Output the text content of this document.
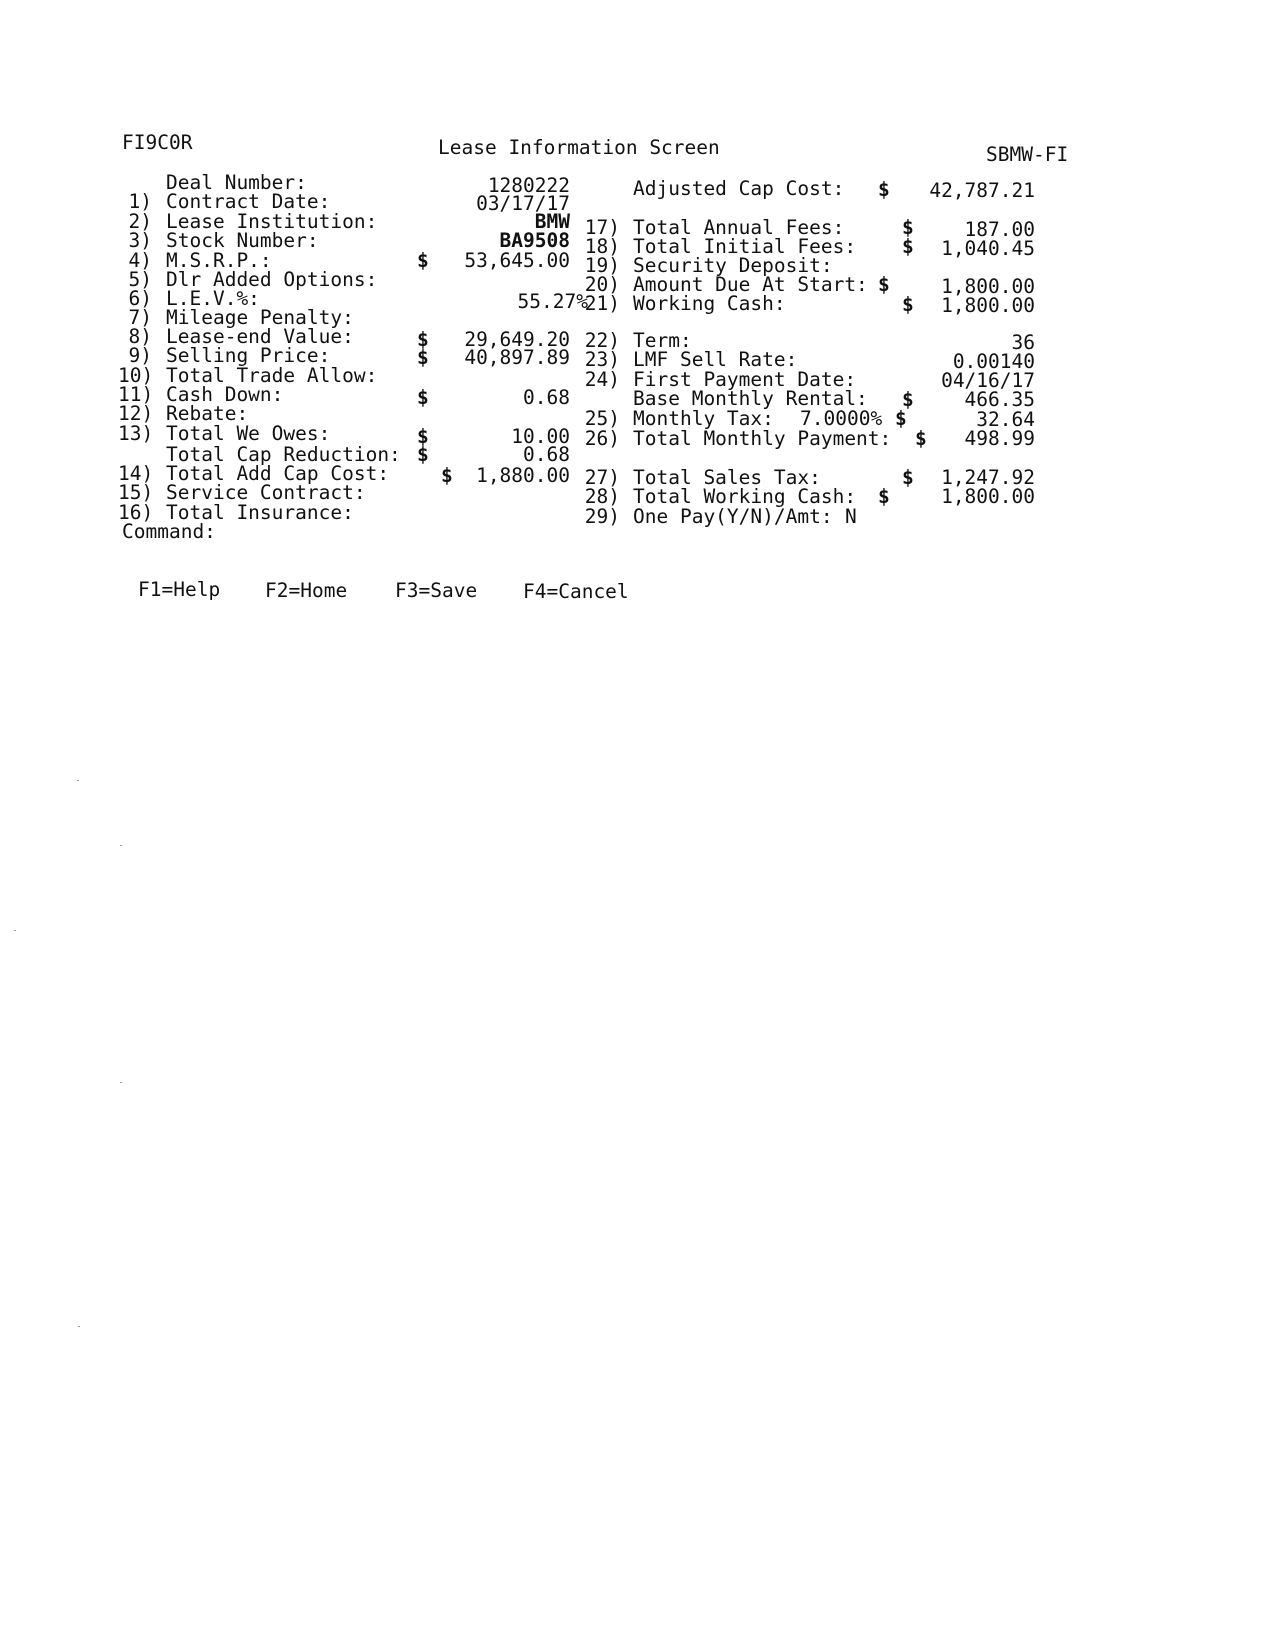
FI9C0R	Lease Information Screen	SBMW-FI
Deal Number:	1280222
1) Contract Date:	03/17/17
2) Lease Institution:	BMW
3) Stock Number:	BA9508
4) M.S.R.P.:	$	53,645.00
5) Dlr Added Options:
6) L.E.V.%:	55.27%
7) Mileage Penalty:
8) Lease-end Value:	$	29,649.20
9) Selling Price:	$	40,897.89
10) Total Trade Allow:
11) Cash Down:	$	0.68
12) Rebate:
13) Total We Owes:	$	10.00
Total Cap Reduction: $	0.68
14) Total Add Cap Cost:	$	1,880.00
15) Service Contract:
16) Total Insurance:
Command:
Adjusted Cap Cost: $	42,787.21
17) Total Annual Fees:	$	187.00
18) Total Initial Fees: $	1,040.45
19) Security Deposit:
20) Amount Due At Start: $	1,800.00
21) Working Cash:	$	1,800.00
22) Term:	36
23) LMF Sell Rate:	0.00140
24) First Payment Date:	04/16/17
Base Monthly Rental: $	466.35
25) Monthly Tax: 7.0000% $	32.64
26) Total Monthly Payment: $	498.99
27) Total Sales Tax:	$	1,247.92
28) Total Working Cash: $	1,800.00
29) One Pay(Y/N)/Amt: N
F1=Help F2=Home F3=Save F4=Cancel
